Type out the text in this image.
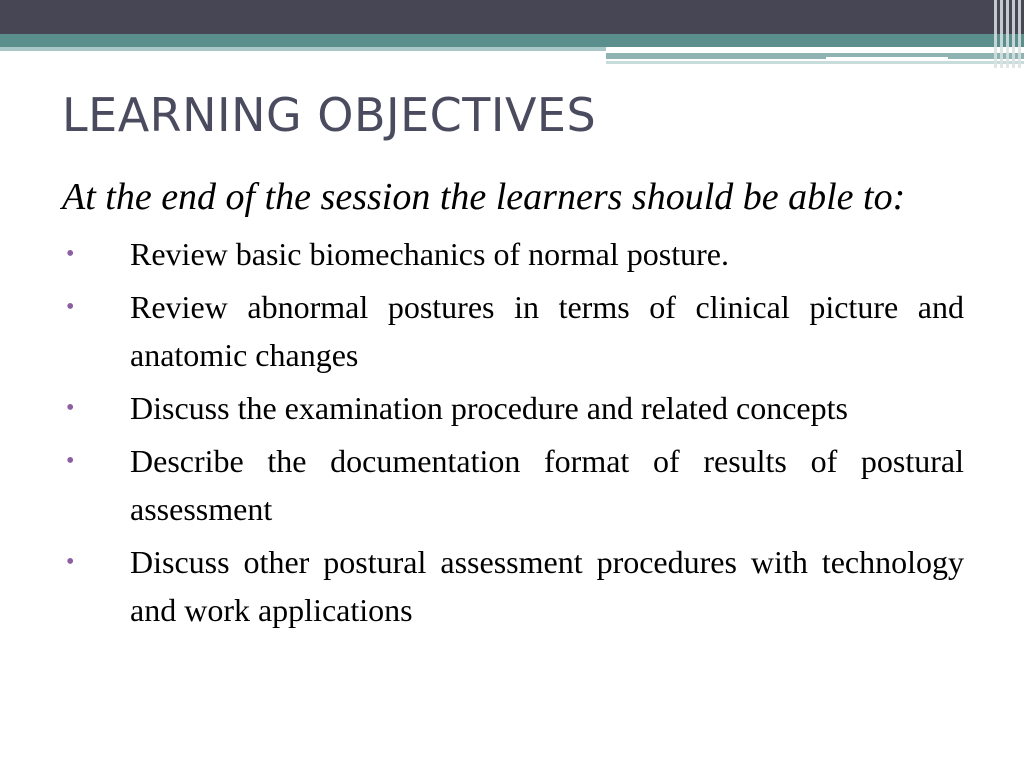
LEARNING OBJECTIVES

At the end of the session the learners should be able to:

• Review basic biomechanics of normal posture.
• Review abnormal postures in terms of clinical picture and anatomic changes
• Discuss the examination procedure and related concepts
• Describe the documentation format of results of postural assessment
• Discuss other postural assessment procedures with technology and work applications
